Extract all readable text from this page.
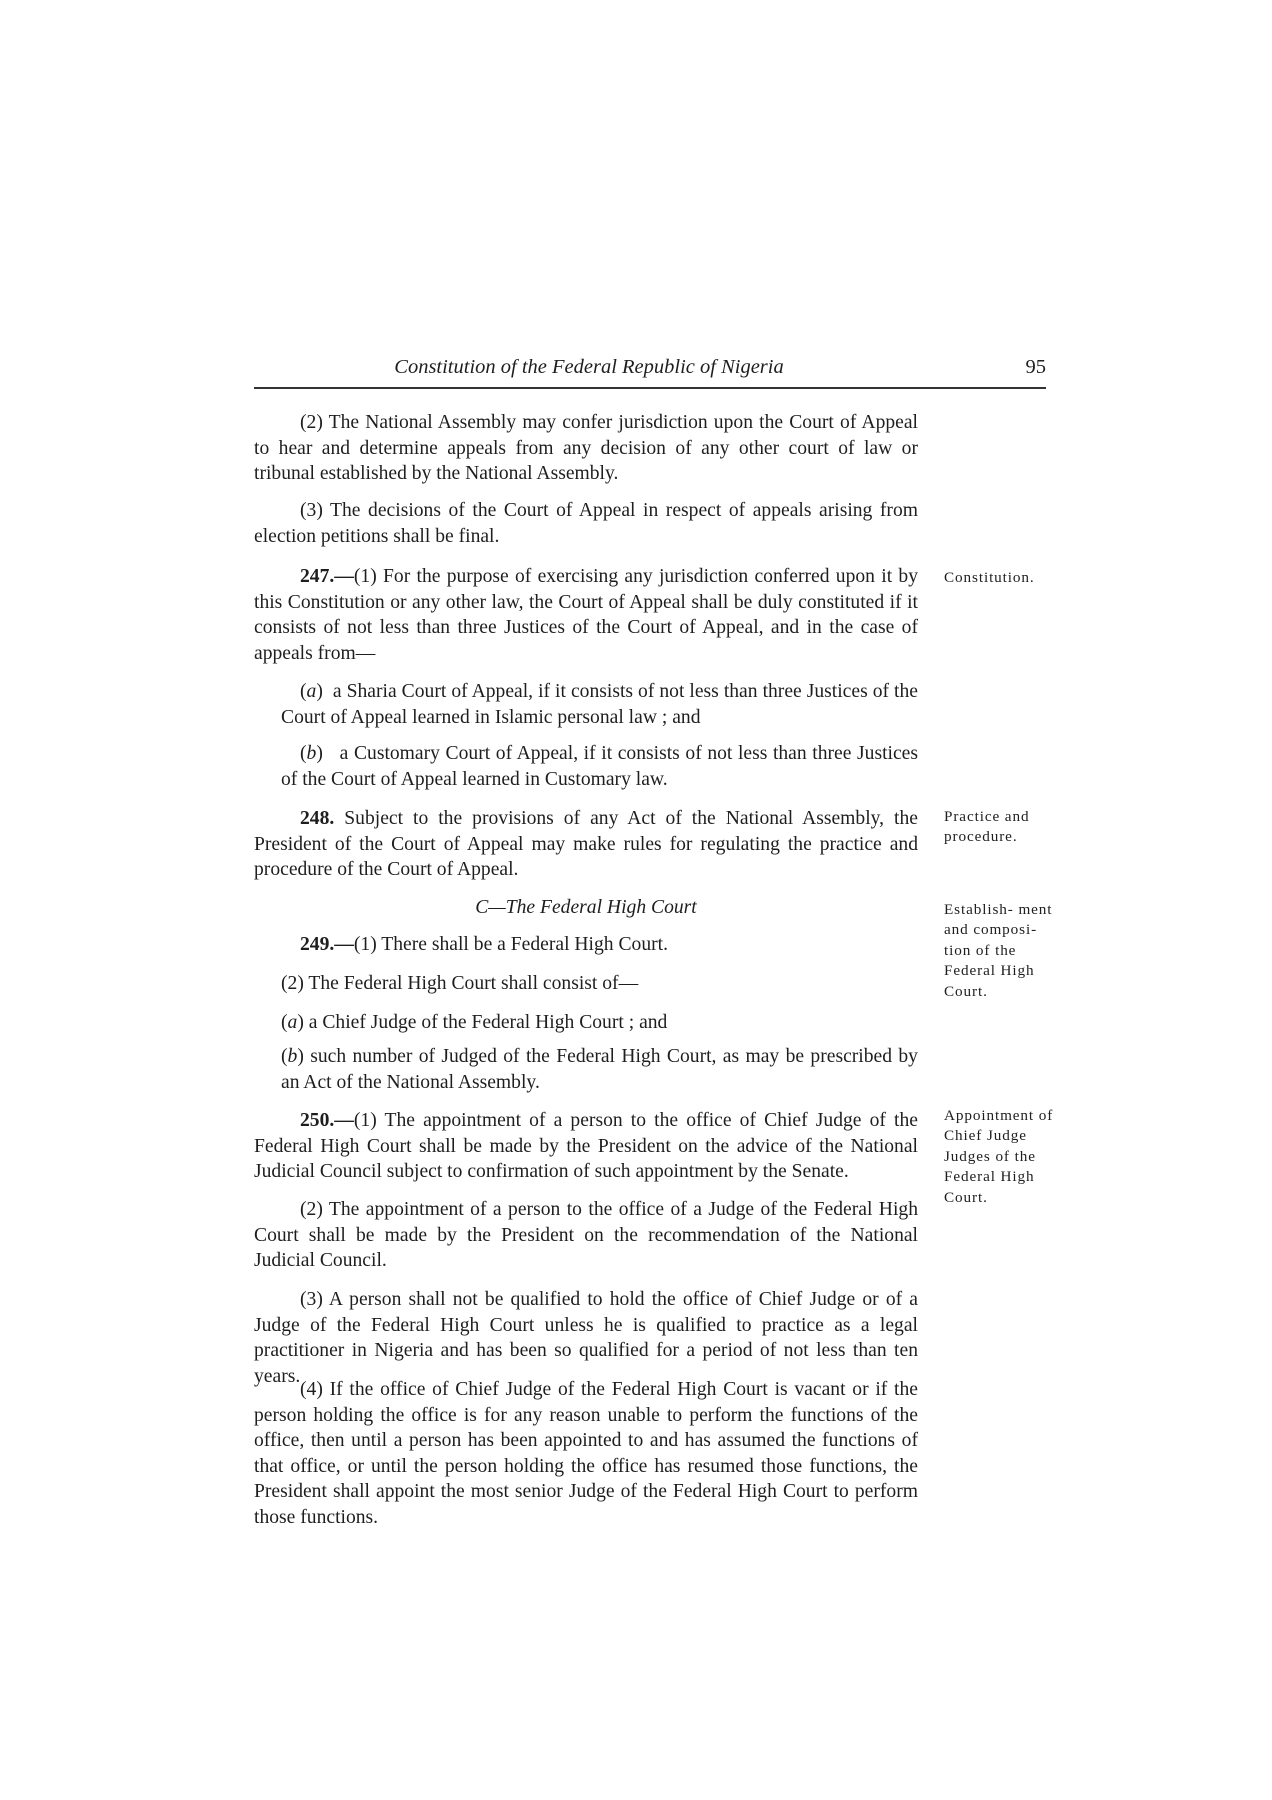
Constitution of the Federal Republic of Nigeria	95

(2) The National Assembly may confer jurisdiction upon the Court of Appeal to hear and determine appeals from any decision of any other court of law or tribunal established by the National Assembly.

(3) The decisions of the Court of Appeal in respect of appeals arising from election petitions shall be final.

247.—(1) For the purpose of exercising any jurisdiction conferred upon it by this Constitution or any other law, the Court of Appeal shall be duly constituted if it consists of not less than three Justices of the Court of Appeal, and in the case of appeals from—

(a)  a Sharia Court of Appeal, if it consists of not less than three Justices of the Court of Appeal learned in Islamic personal law ; and

(b)   a Customary Court of Appeal, if it consists of not less than three Justices of the Court of Appeal learned in Customary law.

248. Subject to the provisions of any Act of the National Assembly, the President of the Court of Appeal may make rules for regulating the practice and procedure of the Court of Appeal.

C—The Federal High Court

249.—(1) There shall be a Federal High Court.

(2) The Federal High Court shall consist of—

(a) a Chief Judge of the Federal High Court ; and

(b) such number of Judged of the Federal High Court, as may be prescribed by an Act of the National Assembly.

250.—(1) The appointment of a person to the office of Chief Judge of the Federal High Court shall be made by the President on the advice of the National Judicial Council subject to confirmation of such appointment by the Senate.

(2) The appointment of a person to the office of a Judge of the Federal High Court shall be made by the President on the recommendation of the National Judicial Council.

(3) A person shall not be qualified to hold the office of Chief Judge or of a Judge of the Federal High Court unless he is qualified to practice as a legal practitioner in Nigeria and has been so qualified for a period of not less than ten years.

(4) If the office of Chief Judge of the Federal High Court is vacant or if the person holding the office is for any reason unable to perform the functions of the office, then until a person has been appointed to and has assumed the functions of that office, or until the person holding the office has resumed those functions, the President shall appoint the most senior Judge of the Federal High Court to perform those functions.

Constitution.
Practice and procedure.
Establish- ment and composi-tion of the Federal High Court.
Appointment of Chief Judge Judges of the Federal High Court.
